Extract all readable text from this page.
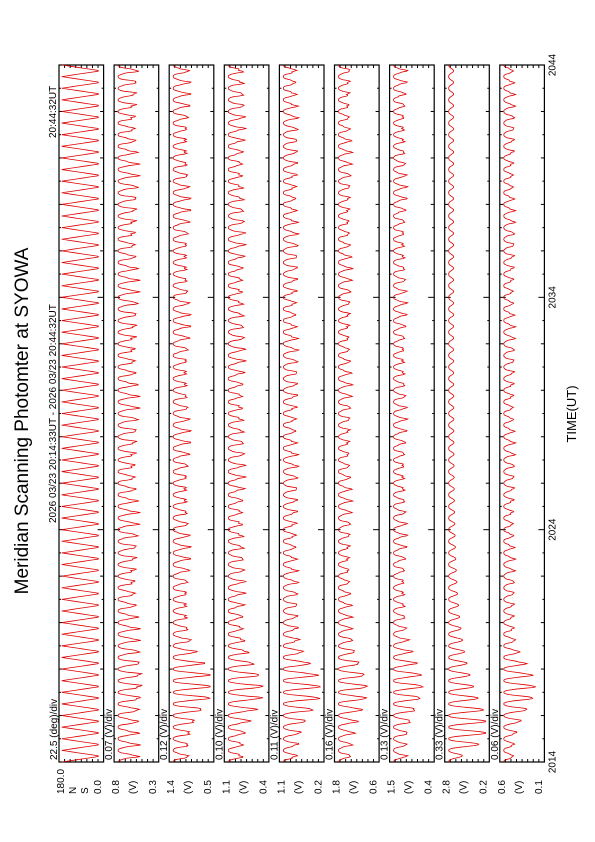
Meridian Scanning Photomter at SYOWA 2026 03/23 20:14:33UT - 2026 03/23 20:44:32UT
20:44:32UT
TIME(UT)
180.0 N S 0.0
22.5 (deg)/div
0.8 (V) 0.3
0.07 (V)/div
1.4 (V) 0.5
0.12 (V)/div
1.1 (V) 0.4
0.10 (V)/div
1.1 (V) 0.2
0.11 (V)/div
1.8 (V) 0.6
0.16 (V)/div
1.5 (V) 0.4
0.13 (V)/div
2.8 (V) 0.2
0.33 (V)/div
0.6 (V) 0.1
0.06 (V)/div
2014
2024
2034
2044
